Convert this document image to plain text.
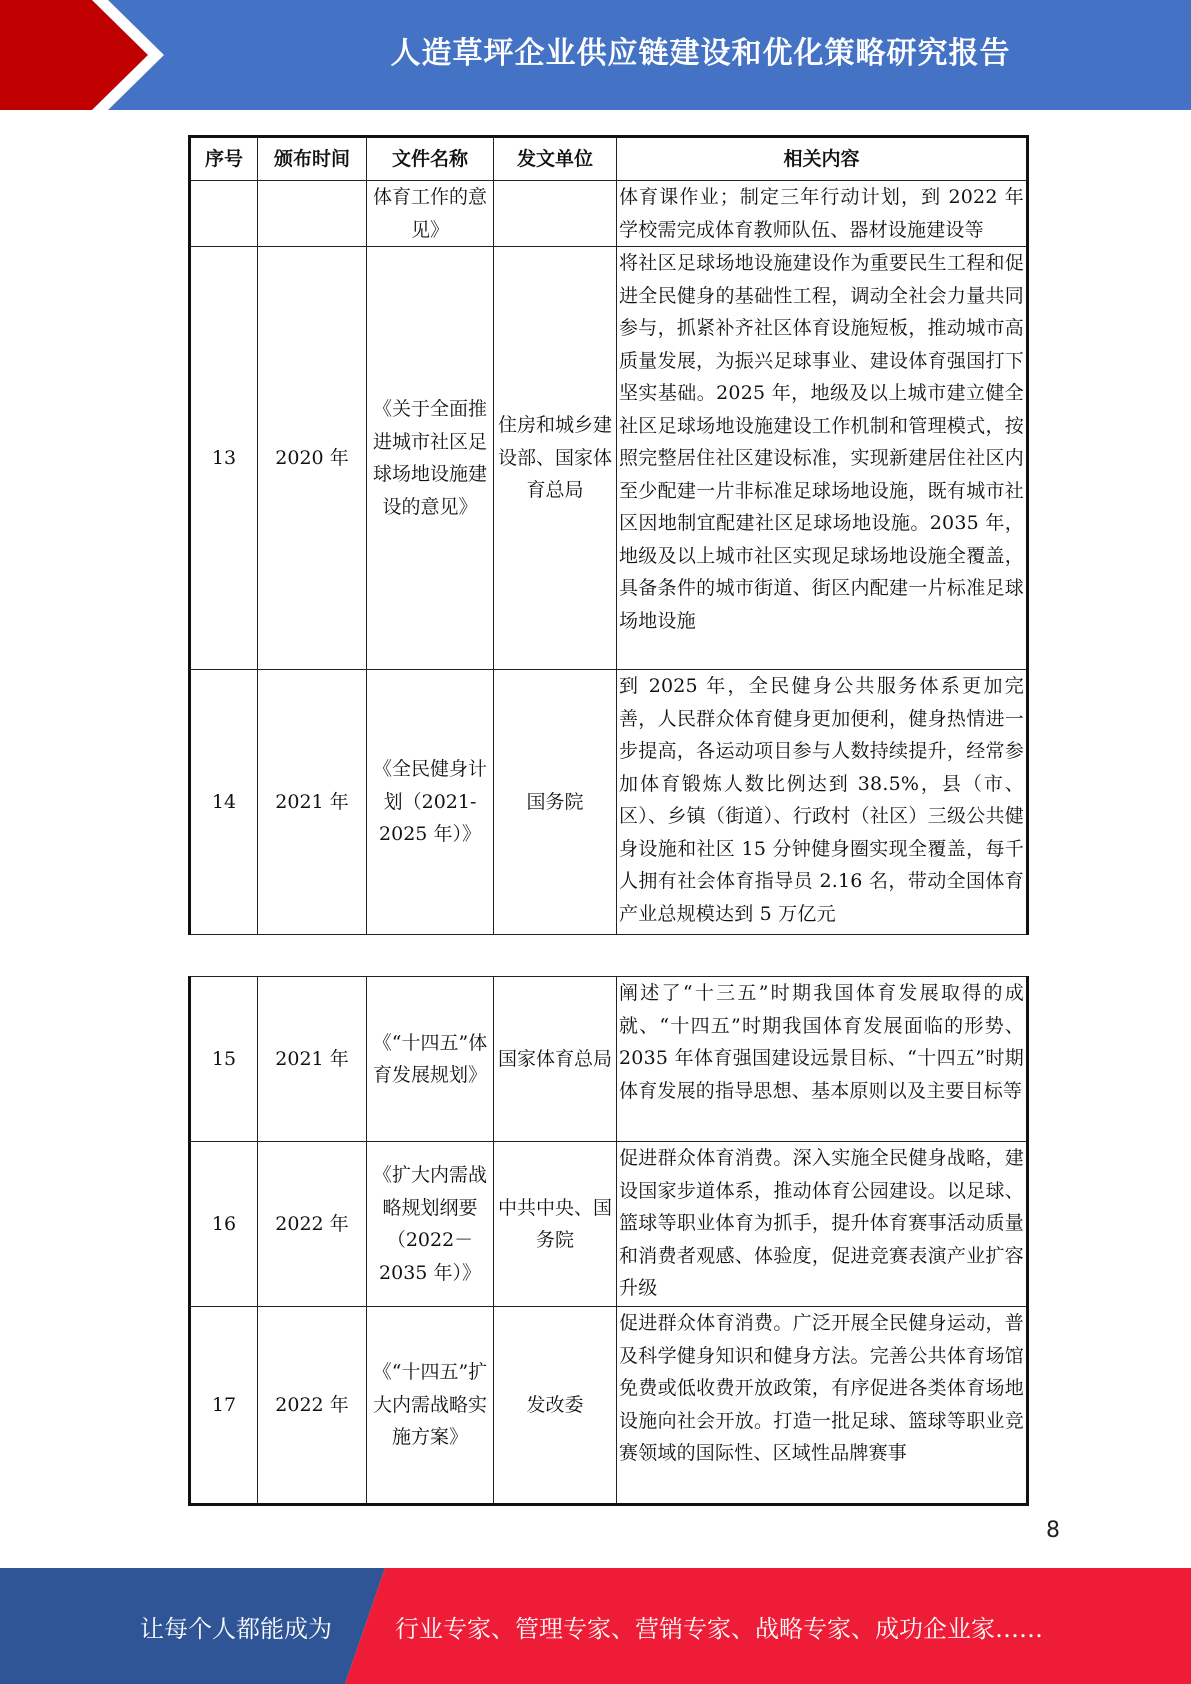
人造草坪企业供应链建设和优化策略研究报告
序号	颁布时间	文件名称	发文单位	相关内容
		体育工作的意见》		体育课作业；制定三年行动计划，到 2022 年学校需完成体育教师队伍、器材设施建设等
13	2020 年	《关于全面推进城市社区足球场地设施建设的意见》	住房和城乡建设部、国家体育总局	将社区足球场地设施建设作为重要民生工程和促进全民健身的基础性工程，调动全社会力量共同参与，抓紧补齐社区体育设施短板，推动城市高质量发展，为振兴足球事业、建设体育强国打下坚实基础。2025 年，地级及以上城市建立健全社区足球场地设施建设工作机制和管理模式，按照完整居住社区建设标准，实现新建居住社区内至少配建一片非标准足球场地设施，既有城市社区因地制宜配建社区足球场地设施。2035 年，地级及以上城市社区实现足球场地设施全覆盖，具备条件的城市街道、街区内配建一片标准足球场地设施
14	2021 年	《全民健身计划（2021-2025 年）》	国务院	到 2025 年，全民健身公共服务体系更加完善，人民群众体育健身更加便利，健身热情进一步提高，各运动项目参与人数持续提升，经常参加体育锻炼人数比例达到 38.5%，县（市、区）、乡镇（街道）、行政村（社区）三级公共健身设施和社区 15 分钟健身圈实现全覆盖，每千人拥有社会体育指导员 2.16 名，带动全国体育产业总规模达到 5 万亿元
15	2021 年	《“十四五”体育发展规划》	国家体育总局	阐述了“十三五”时期我国体育发展取得的成就、“十四五”时期我国体育发展面临的形势、2035 年体育强国建设远景目标、“十四五”时期体育发展的指导思想、基本原则以及主要目标等
16	2022 年	《扩大内需战略规划纲要（2022－2035 年）》	中共中央、国务院	促进群众体育消费。深入实施全民健身战略，建设国家步道体系，推动体育公园建设。以足球、篮球等职业体育为抓手，提升体育赛事活动质量和消费者观感、体验度，促进竞赛表演产业扩容升级
17	2022 年	《“十四五”扩大内需战略实施方案》	发改委	促进群众体育消费。广泛开展全民健身运动，普及科学健身知识和健身方法。完善公共体育场馆免费或低收费开放政策，有序促进各类体育场地设施向社会开放。打造一批足球、篮球等职业竞赛领域的国际性、区域性品牌赛事
8
让每个人都能成为	行业专家、管理专家、营销专家、战略专家、成功企业家……
